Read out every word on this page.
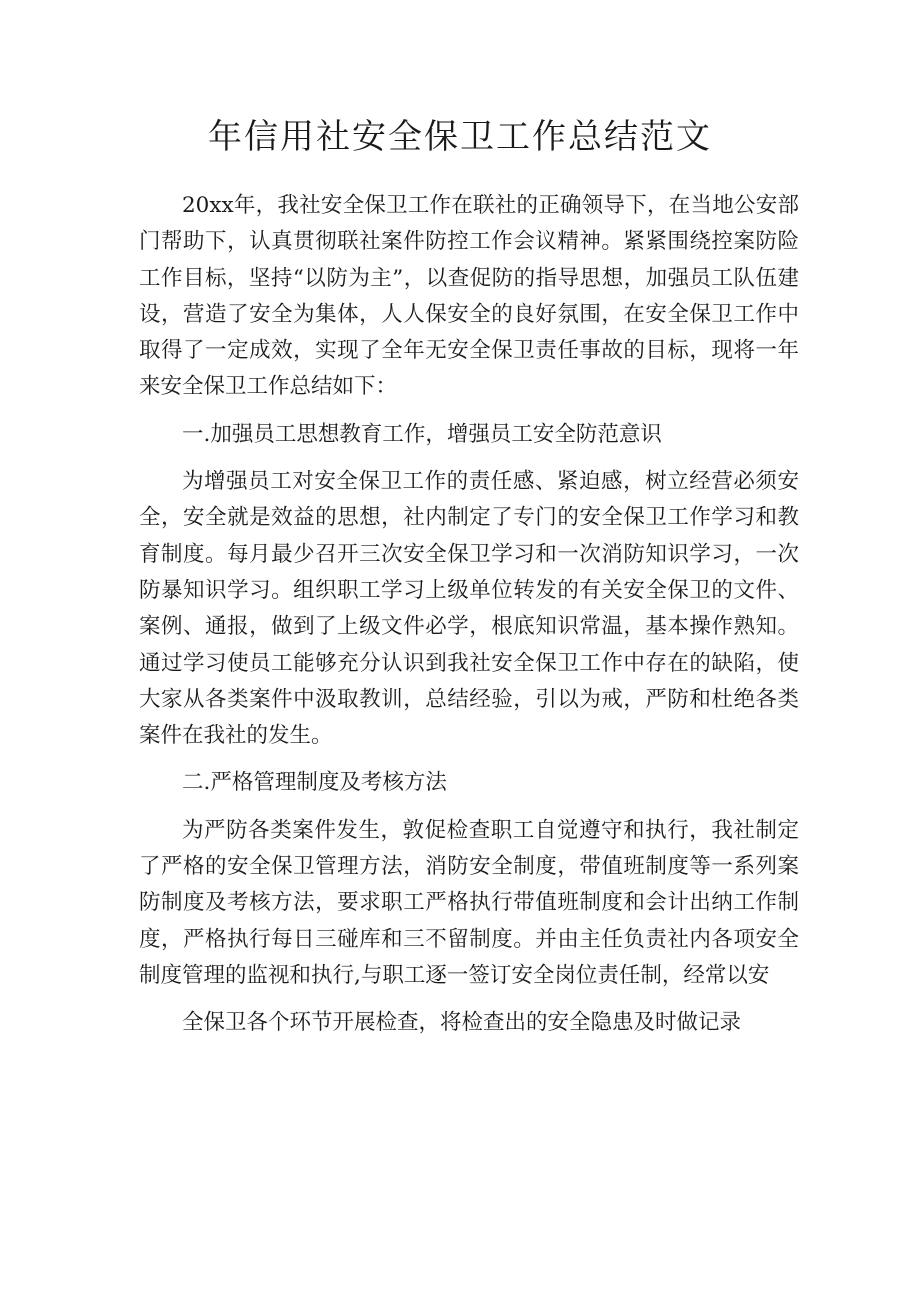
年信用社安全保卫工作总结范文

20xx年，我社安全保卫工作在联社的正确领导下，在当地公安部门帮助下，认真贯彻联社案件防控工作会议精神。紧紧围绕控案防险工作目标，坚持“以防为主”，以查促防的指导思想，加强员工队伍建设，营造了安全为集体，人人保安全的良好氛围，在安全保卫工作中取得了一定成效，实现了全年无安全保卫责任事故的目标，现将一年来安全保卫工作总结如下：

一.加强员工思想教育工作，增强员工安全防范意识

为增强员工对安全保卫工作的责任感、紧迫感，树立经营必须安全，安全就是效益的思想，社内制定了专门的安全保卫工作学习和教育制度。每月最少召开三次安全保卫学习和一次消防知识学习，一次防暴知识学习。组织职工学习上级单位转发的有关安全保卫的文件、案例、通报，做到了上级文件必学，根底知识常温，基本操作熟知。通过学习使员工能够充分认识到我社安全保卫工作中存在的缺陷，使大家从各类案件中汲取教训，总结经验，引以为戒，严防和杜绝各类案件在我社的发生。

二.严格管理制度及考核方法

为严防各类案件发生，敦促检查职工自觉遵守和执行，我社制定了严格的安全保卫管理方法，消防安全制度，带值班制度等一系列案防制度及考核方法，要求职工严格执行带值班制度和会计出纳工作制度，严格执行每日三碰库和三不留制度。并由主任负责社内各项安全制度管理的监视和执行,与职工逐一签订安全岗位责任制，经常以安

全保卫各个环节开展检查，将检查出的安全隐患及时做记录
